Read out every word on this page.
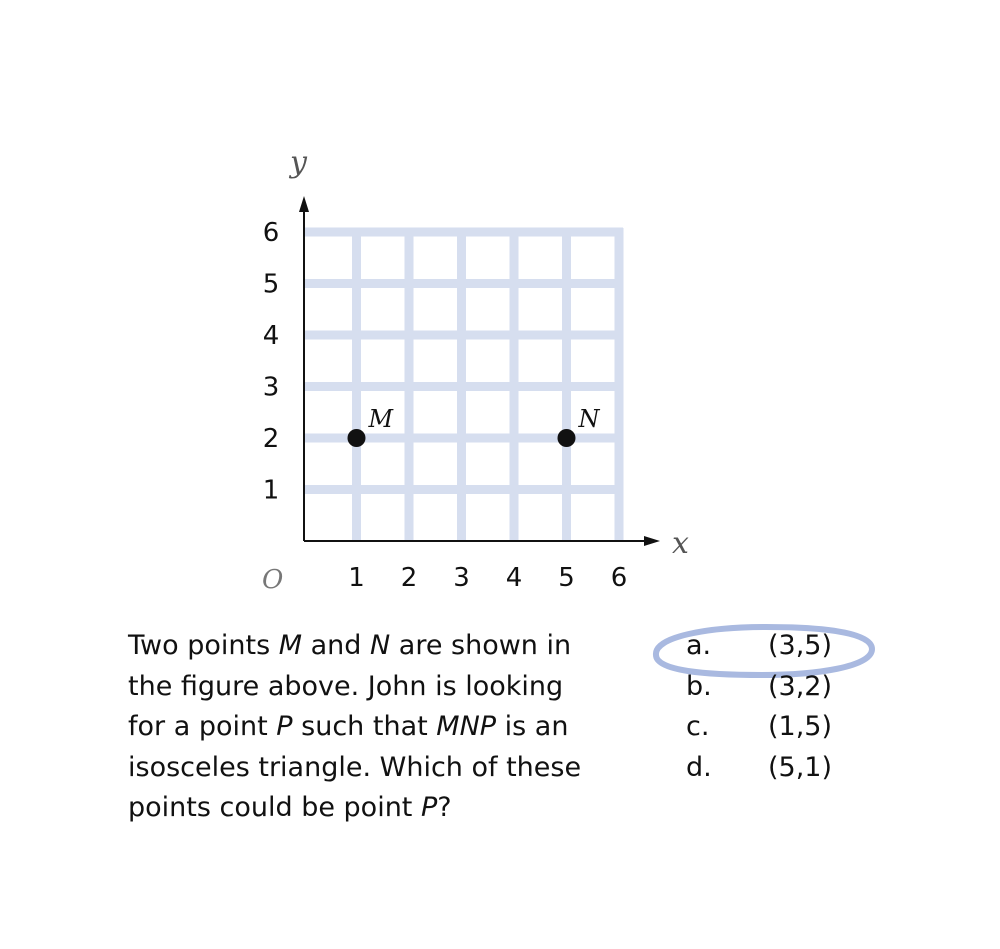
y
x
O 1 2 3 4 5 6
1
2
3
4
5
6
M	N
Two points M and N are shown in the figure above. John is looking for a point P such that MNP is an isosceles triangle. Which of these points could be point P?
a. (3,5)
b. (3,2)
c. (1,5)
d. (5,1)
